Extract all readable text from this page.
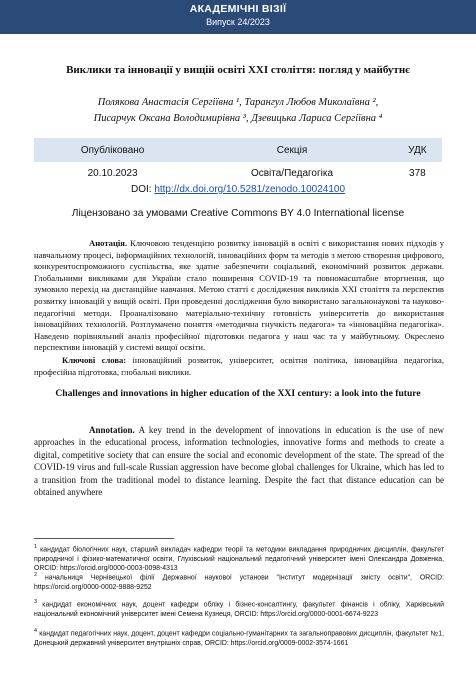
АКАДЕМІЧНІ ВІЗІЇ
Випуск 24/2023
Виклики та інновації у вищій освіті ХХІ століття: погляд у майбутнє
Полякова Анастасія Сергіївна ¹, Тарангул Любов Миколаївна ²,
Писарчук Оксана Володимирівна ³, Дзевицька Лариса Сергіївна ⁴
Опубліковано	Секція	УДК
20.10.2023	Освіта/Педагогіка	378
DOI: http://dx.doi.org/10.5281/zenodo.10024100
Ліцензовано за умовами Creative Commons BY 4.0 International license
Анотація. Ключовою тенденцією розвитку інновацій в освіті є використання нових підходів у навчальному процесі, інформаційних технологій, інноваційних форм та методів з метою створення цифрового, конкурентоспроможного суспільства, яке здатне забезпечити соціальний, економічний розвиток держави. Глобальними викликами для України стало поширення COVID-19 та повномасштабне вторгнення, що зумовило перехід на дистанційне навчання. Метою статті є дослідження викликів ХХІ століття та перспектив розвитку інновацій у вищій освіті. При проведенні дослідження було використано загальнонаукові та науково-педагогічні методи. Проаналізовано матеріально-технічну готовність університетів до використання інноваційних технологій. Розтлумачено поняття «методична гнучкість педагога» та «інноваційна педагогіка». Наведено порівняльний аналіз професійної підготовки педагога у наш час та у майбутньому. Окреслено перспективи інновацій у системі вищої освіти.
Ключові слова: інноваційний розвиток, університет, освітня політика, інноваційна педагогіка, професійна підготовка, глобальні виклики.
Challenges and innovations in higher education of the XXI century: a look into the future
Annotation. A key trend in the development of innovations in education is the use of new approaches in the educational process, information technologies, innovative forms and methods to create a digital, competitive society that can ensure the social and economic development of the state. The spread of the COVID-19 virus and full-scale Russian aggression have become global challenges for Ukraine, which has led to a transition from the traditional model to distance learning. Despite the fact that distance education can be obtained anywhere
$^1$ кандидат біологічних наук, старший викладач кафедри теорії та методики викладання природничих дисциплін, факультет природничої і фізико-математичної освіти, Глухівський національний педагогічний університет імені Олександра Довженка, ORCID: https://orcid.org/0000-0003-0098-4313
$^2$ начальниця Чернівецької філії Державної наукової установи "Інститут модернізації змісту освіти", ORCID: https://orcid.org/0000-0002-9888-9252
$^3$ кандидат економічних наук, доцент кафедри обліку і бізнес-консалтингу, факультет фінансів і обліку, Харківський національний економічний університет імені Семена Кузнеця, ORCID: https://orcid.org/0000-0001-6674-9223
$^4$ кандидат педагогічних наук, доцент, доцент кафедри соціально-гуманітарних та загальноправових дисциплін, факультет №1, Донецький державний університет внутрішніх справ, ORCID: https://orcid.org/0009-0002-3574-1661
